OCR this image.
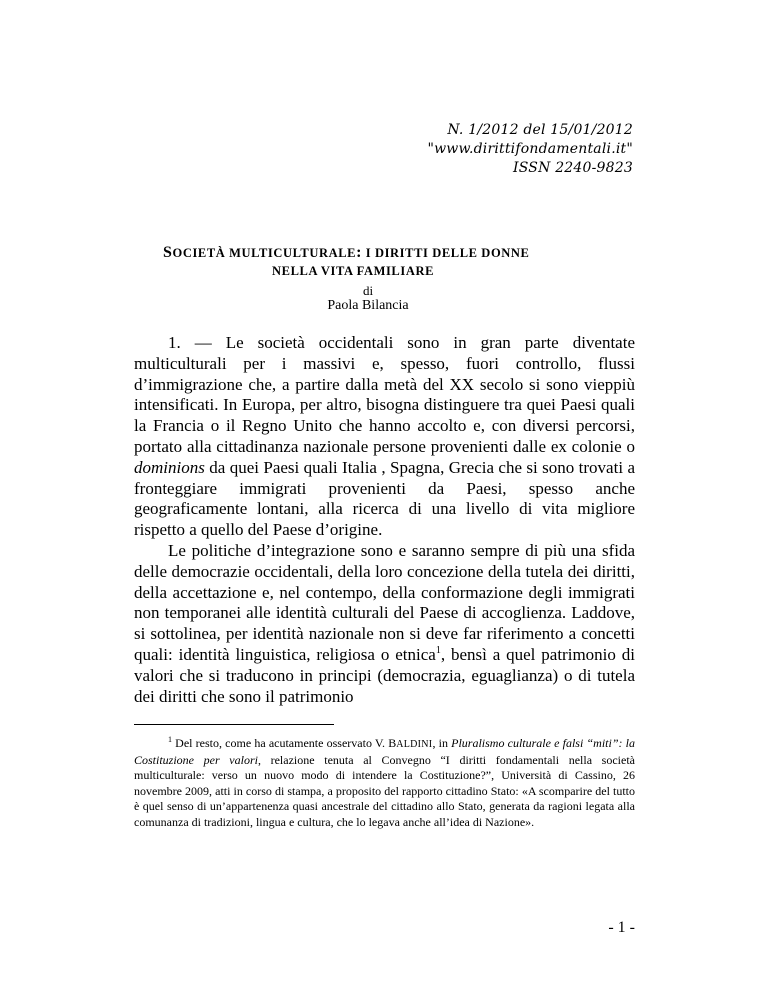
N. 1/2012 del 15/01/2012
"www.dirittifondamentali.it"
ISSN 2240-9823
SOCIETÀ MULTICULTURALE: I DIRITTI DELLE DONNE
NELLA VITA FAMILIARE
di
Paola Bilancia

1. — Le società occidentali sono in gran parte diventate multiculturali per i massivi e, spesso, fuori controllo, flussi d’immigrazione che, a partire dalla metà del XX secolo si sono vieppiù intensificati. In Europa, per altro, bisogna distinguere tra quei Paesi quali la Francia o il Regno Unito che hanno accolto e, con diversi percorsi, portato alla cittadinanza nazionale persone provenienti dalle ex colonie o dominions da quei Paesi quali Italia , Spagna, Grecia che si sono trovati a fronteggiare immigrati provenienti da Paesi, spesso anche geograficamente lontani, alla ricerca di una livello di vita migliore rispetto a quello del Paese d’origine.

Le politiche d’integrazione sono e saranno sempre di più una sfida delle democrazie occidentali, della loro concezione della tutela dei diritti, della accettazione e, nel contempo, della conformazione degli immigrati non temporanei alle identità culturali del Paese di accoglienza. Laddove, si sottolinea, per identità nazionale non si deve far riferimento a concetti quali: identità linguistica, religiosa o etnica$^1$, bensì a quel patrimonio di valori che si traducono in principi (democrazia, eguaglianza) o di tutela dei diritti che sono il patrimonio

$^1$ Del resto, come ha acutamente osservato V. BALDINI, in Pluralismo culturale e falsi “miti”: la Costituzione per valori, relazione tenuta al Convegno “I diritti fondamentali nella società multiculturale: verso un nuovo modo di intendere la Costituzione?”, Università di Cassino, 26 novembre 2009, atti in corso di stampa, a proposito del rapporto cittadino Stato: «A scomparire del tutto è quel senso di un’appartenenza quasi ancestrale del cittadino allo Stato, generata da ragioni legata alla comunanza di tradizioni, lingua e cultura, che lo legava anche all’idea di Nazione».

- 1 -
